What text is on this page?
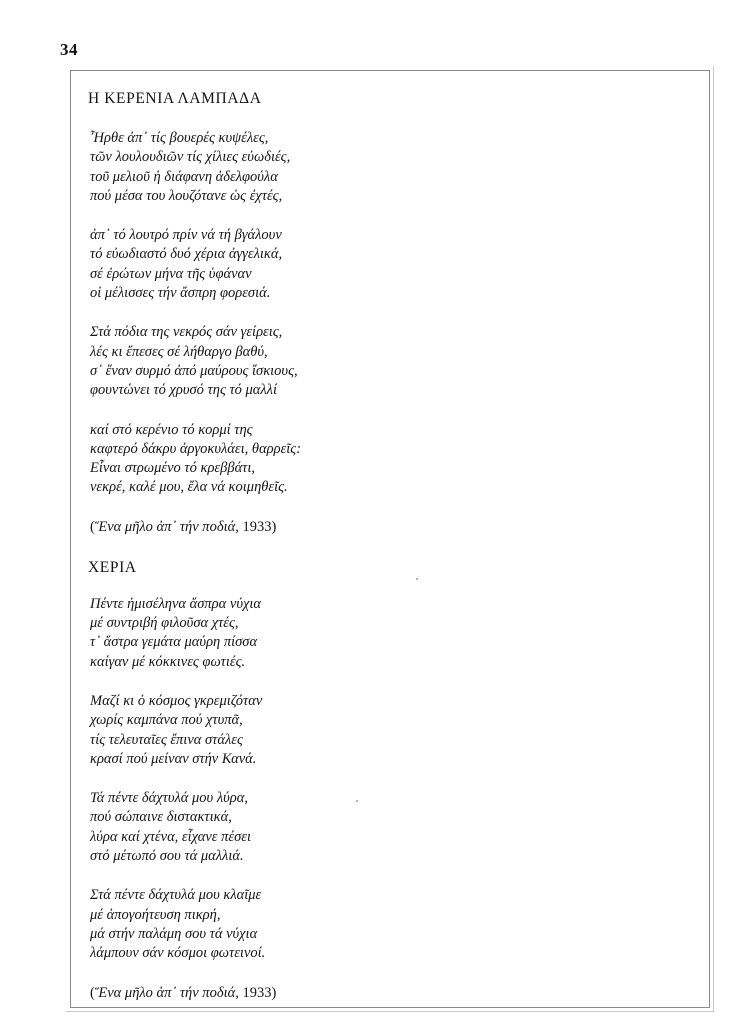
34
Η ΚΕΡΕΝΙΑ ΛΑΜΠΑΔΑ
Ἦρθε ἀπ᾽ τίς βουερές κυψέλες,
τῶν λουλουδιῶν τίς χίλιες εὐωδιές,
τοῦ μελιοῦ ἡ διάφανη ἀδελφούλα
πού μέσα του λουζότανε ὡς ἐχτές,
ἀπ᾽ τό λουτρό πρίν νά τή βγάλουν
τό εὐωδιαστό δυό χέρια ἀγγελικά,
σέ ἐρώτων μήνα τῆς ὑφάναν
οἱ μέλισσες τήν ἄσπρη φορεσιά.
Στά πόδια της νεκρός σάν γείρεις,
λές κι ἔπεσες σέ λήθαργο βαθύ,
σ᾽ ἕναν συρμό ἀπό μαύρους ἴσκιους,
φουντώνει τό χρυσό της τό μαλλί
καί στό κερένιο τό κορμί της
καφτερό δάκρυ ἀργοκυλάει, θαρρεῖς:
Εἶναι στρωμένο τό κρεββάτι,
νεκρέ, καλέ μου, ἔλα νά κοιμηθεῖς.
(Ἕνα μῆλο ἀπ᾽ τήν ποδιά, 1933)
ΧΕΡΙΑ
Πέντε ἡμισέληνα ἄσπρα νύχια
μέ συντριβή φιλοῦσα χτές,
τ᾽ ἄστρα γεμάτα μαύρη πίσσα
καίγαν μέ κόκκινες φωτιές.
Μαζί κι ὁ κόσμος γκρεμιζόταν
χωρίς καμπάνα πού χτυπᾶ,
τίς τελευταῖες ἔπινα στάλες
κρασί πού μείναν στήν Κανά.
Τά πέντε δάχτυλά μου λύρα,
πού σώπαινε διστακτικά,
λύρα καί χτένα, εἶχανε πέσει
στό μέτωπό σου τά μαλλιά.
Στά πέντε δάχτυλά μου κλαῖμε
μέ ἀπογοήτευση πικρή,
μά στήν παλάμη σου τά νύχια
λάμπουν σάν κόσμοι φωτεινοί.
(Ἕνα μῆλο ἀπ᾽ τήν ποδιά, 1933)
